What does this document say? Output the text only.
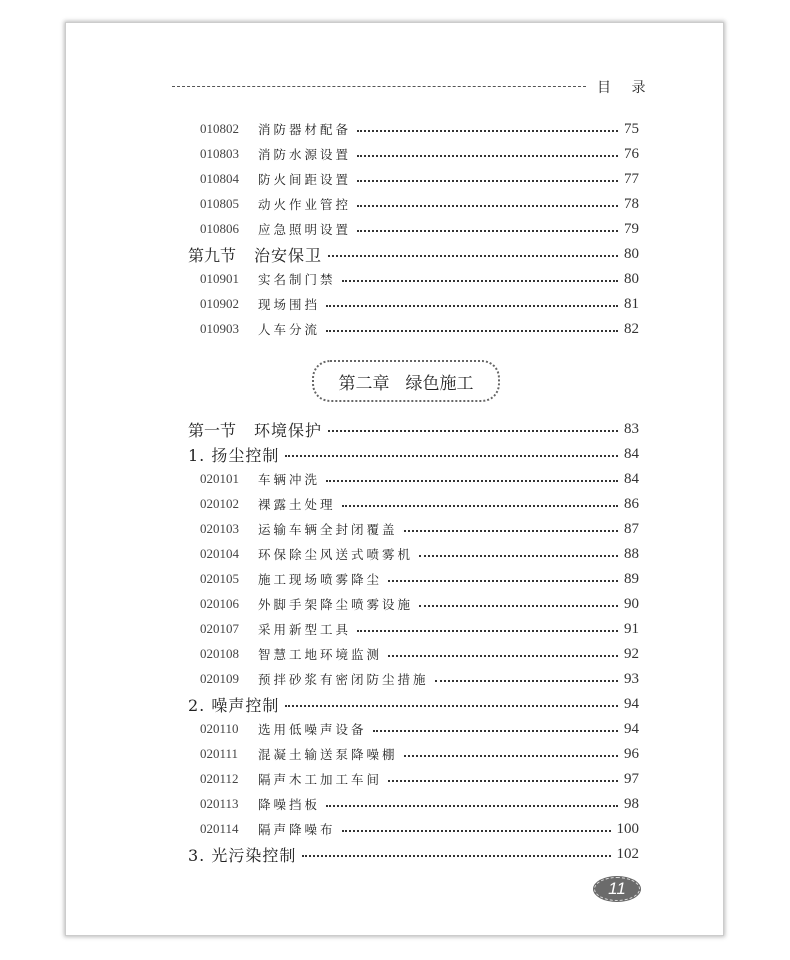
目 录
010802	消防器材配备	75
010803	消防水源设置	76
010804	防火间距设置	77
010805	动火作业管控	78
010806	应急照明设置	79
第九节 治安保卫	80
010901	实名制门禁	80
010902	现场围挡	81
010903	人车分流	82
第一节 环境保护	83
1. 扬尘控制	84
020101	车辆冲洗	84
020102	裸露土处理	86
020103	运输车辆全封闭覆盖	87
020104	环保除尘风送式喷雾机	88
020105	施工现场喷雾降尘	89
020106	外脚手架降尘喷雾设施	90
020107	采用新型工具	91
020108	智慧工地环境监测	92
020109	预拌砂浆有密闭防尘措施	93
2. 噪声控制	94
020110	选用低噪声设备	94
020111	混凝土输送泵降噪棚	96
020112	隔声木工加工车间	97
020113	降噪挡板	98
020114	隔声降噪布	100
3. 光污染控制	102
第二章 绿色施工
11
